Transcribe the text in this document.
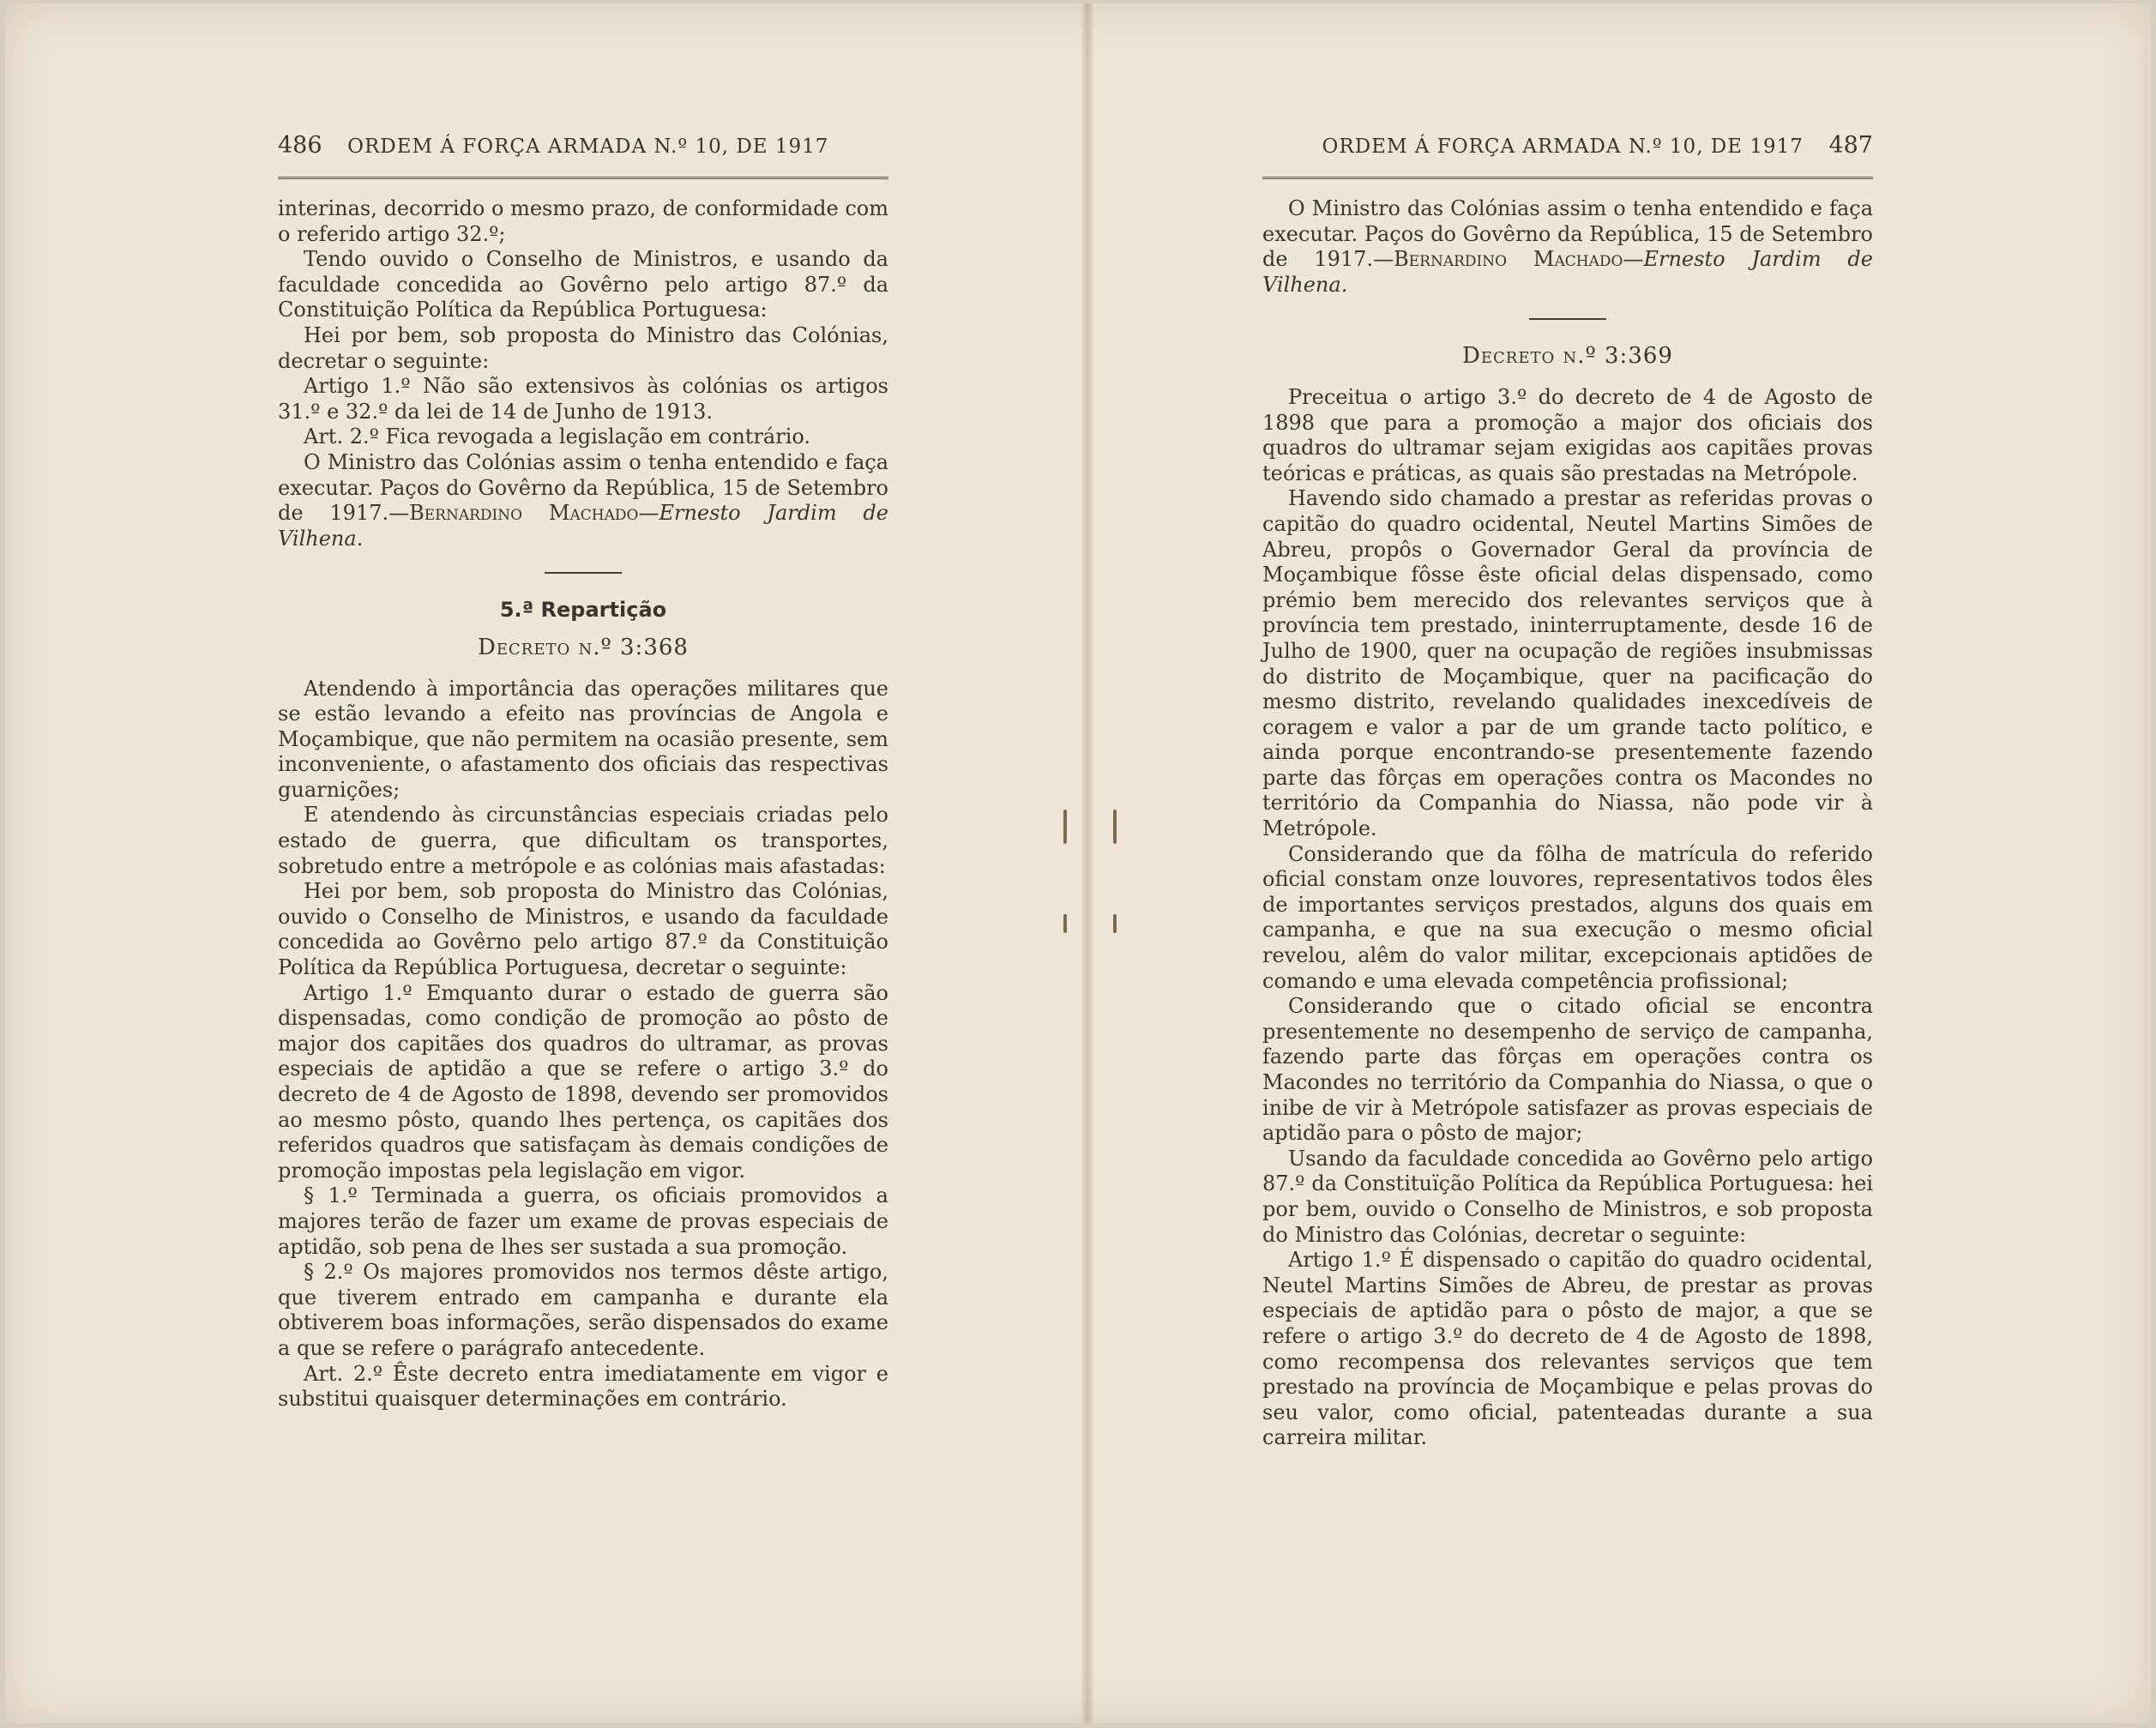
486 ORDEM Á FORÇA ARMADA N.º 10, DE 1917

interinas, decorrido o mesmo prazo, de conformidade com o referido artigo 32.º;

Tendo ouvido o Conselho de Ministros, e usando da faculdade concedida ao Govêrno pelo artigo 87.º da Constituição Política da República Portuguesa:

Hei por bem, sob proposta do Ministro das Colónias, decretar o seguinte:

Artigo 1.º Não são extensivos às colónias os artigos 31.º e 32.º da lei de 14 de Junho de 1913.

Art. 2.º Fica revogada a legislação em contrário.

O Ministro das Colónias assim o tenha entendido e faça executar. Paços do Govêrno da República, 15 de Setembro de 1917.—Bernardino Machado—Ernesto Jardim de Vilhena.

5.ª Repartição
Decreto n.º 3:368

Atendendo à importância das operações militares que se estão levando a efeito nas províncias de Angola e Moçambique, que não permitem na ocasião presente, sem inconveniente, o afastamento dos oficiais das respectivas guarnições;

E atendendo às circunstâncias especiais criadas pelo estado de guerra, que dificultam os transportes, sobretudo entre a metrópole e as colónias mais afastadas:

Hei por bem, sob proposta do Ministro das Colónias, ouvido o Conselho de Ministros, e usando da faculdade concedida ao Govêrno pelo artigo 87.º da Constituição Política da República Portuguesa, decretar o seguinte:

Artigo 1.º Emquanto durar o estado de guerra são dispensadas, como condição de promoção ao pôsto de major dos capitães dos quadros do ultramar, as provas especiais de aptidão a que se refere o artigo 3.º do decreto de 4 de Agosto de 1898, devendo ser promovidos ao mesmo pôsto, quando lhes pertença, os capitães dos referidos quadros que satisfaçam às demais condições de promoção impostas pela legislação em vigor.

§ 1.º Terminada a guerra, os oficiais promovidos a majores terão de fazer um exame de provas especiais de aptidão, sob pena de lhes ser sustada a sua promoção.

§ 2.º Os majores promovidos nos termos dêste artigo, que tiverem entrado em campanha e durante ela obtiverem boas informações, serão dispensados do exame a que se refere o parágrafo antecedente.

Art. 2.º Êste decreto entra imediatamente em vigor e substitui quaisquer determinações em contrário.

ORDEM Á FORÇA ARMADA N.º 10, DE 1917 487

O Ministro das Colónias assim o tenha entendido e faça executar. Paços do Govêrno da República, 15 de Setembro de 1917.—Bernardino Machado—Ernesto Jardim de Vilhena.

Decreto n.º 3:369

Preceitua o artigo 3.º do decreto de 4 de Agosto de 1898 que para a promoção a major dos oficiais dos quadros do ultramar sejam exigidas aos capitães provas teóricas e práticas, as quais são prestadas na Metrópole.

Havendo sido chamado a prestar as referidas provas o capitão do quadro ocidental, Neutel Martins Simões de Abreu, propôs o Governador Geral da província de Moçambique fôsse êste oficial delas dispensado, como prémio bem merecido dos relevantes serviços que à província tem prestado, ininterruptamente, desde 16 de Julho de 1900, quer na ocupação de regiões insubmissas do distrito de Moçambique, quer na pacificação do mesmo distrito, revelando qualidades inexcedíveis de coragem e valor a par de um grande tacto político, e ainda porque encontrando-se presentemente fazendo parte das fôrças em operações contra os Macondes no território da Companhia do Niassa, não pode vir à Metrópole.

Considerando que da fôlha de matrícula do referido oficial constam onze louvores, representativos todos êles de importantes serviços prestados, alguns dos quais em campanha, e que na sua execução o mesmo oficial revelou, alêm do valor militar, excepcionais aptidões de comando e uma elevada competência profissional;

Considerando que o citado oficial se encontra presentemente no desempenho de serviço de campanha, fazendo parte das fôrças em operações contra os Macondes no território da Companhia do Niassa, o que o inibe de vir à Metrópole satisfazer as provas especiais de aptidão para o pôsto de major;

Usando da faculdade concedida ao Govêrno pelo artigo 87.º da Constituïção Política da República Portuguesa: hei por bem, ouvido o Conselho de Ministros, e sob proposta do Ministro das Colónias, decretar o seguinte:

Artigo 1.º É dispensado o capitão do quadro ocidental, Neutel Martins Simões de Abreu, de prestar as provas especiais de aptidão para o pôsto de major, a que se refere o artigo 3.º do decreto de 4 de Agosto de 1898, como recompensa dos relevantes serviços que tem prestado na província de Moçambique e pelas provas do seu valor, como oficial, patenteadas durante a sua carreira militar.
